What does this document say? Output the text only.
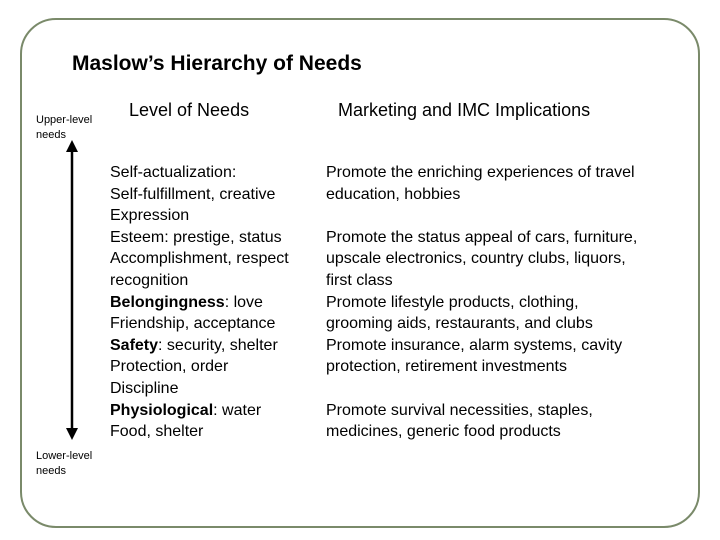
Maslow’s Hierarchy of Needs
Upper-level
needs
Level of Needs	Marketing and IMC Implications
Self-actualization:
Self-fulfillment, creative
Expression
Esteem: prestige, status
Accomplishment, respect
recognition
Belongingness: love
Friendship, acceptance
Safety: security, shelter
Protection, order
Discipline
Physiological: water
Food, shelter
Promote the enriching experiences of travel
education, hobbies
Promote the status appeal of cars, furniture,
upscale electronics, country clubs, liquors,
first class
Promote lifestyle products, clothing,
grooming aids, restaurants, and clubs
Promote insurance, alarm systems, cavity
protection, retirement investments
Promote survival necessities, staples,
medicines, generic food products
Lower-level
needs
